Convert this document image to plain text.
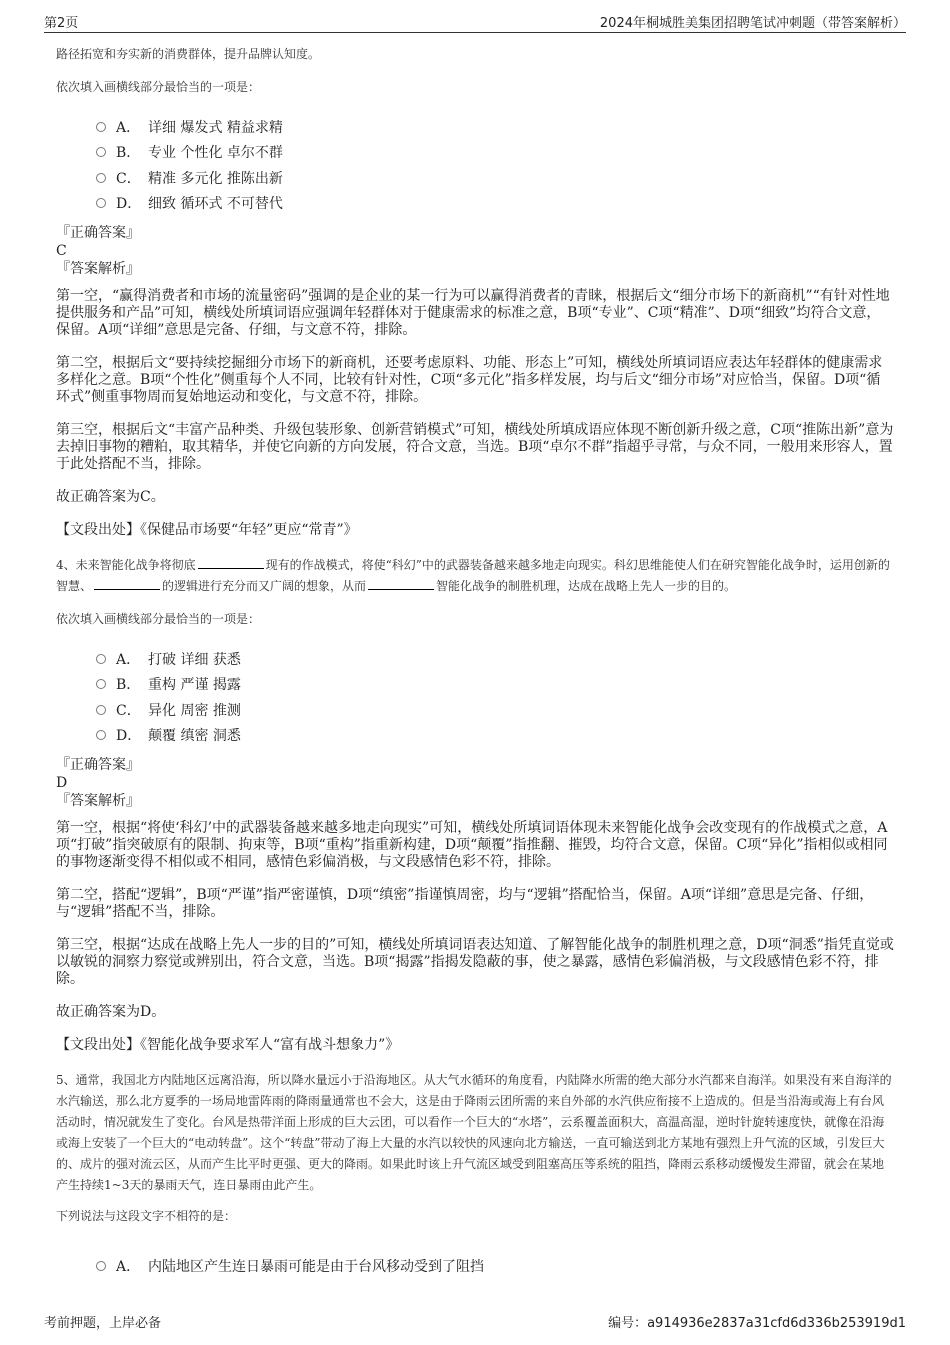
第2页	2024年桐城胜美集团招聘笔试冲刺题（带答案解析）
路径拓宽和夯实新的消费群体，提升品牌认知度。
依次填入画横线部分最恰当的一项是：
A． 详细 爆发式 精益求精
B． 专业 个性化 卓尔不群
C． 精准 多元化 推陈出新
D． 细致 循环式 不可替代
『正确答案』
C
『答案解析』
第一空，“赢得消费者和市场的流量密码”强调的是企业的某一行为可以赢得消费者的青睐，根据后文“细分市场下的新商机”“有针对性地提供服务和产品”可知，横线处所填词语应强调年轻群体对于健康需求的标准之意，B项“专业”、C项“精准”、D项“细致”均符合文意，保留。A项“详细”意思是完备、仔细，与文意不符，排除。
第二空，根据后文“要持续挖掘细分市场下的新商机，还要考虑原料、功能、形态上”可知，横线处所填词语应表达年轻群体的健康需求多样化之意。B项“个性化”侧重每个人不同，比较有针对性，C项“多元化”指多样发展，均与后文“细分市场”对应恰当，保留。D项“循环式”侧重事物周而复始地运动和变化，与文意不符，排除。
第三空，根据后文“丰富产品种类、升级包装形象、创新营销模式”可知，横线处所填成语应体现不断创新升级之意，C项“推陈出新”意为去掉旧事物的糟粕，取其精华，并使它向新的方向发展，符合文意，当选。B项“卓尔不群”指超乎寻常，与众不同，一般用来形容人，置于此处搭配不当，排除。
故正确答案为C。
【文段出处】《保健品市场要“年轻”更应“常青”》
4、未来智能化战争将彻底	现有的作战模式，将使“科幻”中的武器装备越来越多地走向现实。科幻思维能使人们在研究智能化战争时，运用创新的智慧、	的逻辑进行充分而又广阔的想象，从而	智能化战争的制胜机理，达成在战略上先人一步的目的。
依次填入画横线部分最恰当的一项是：
A． 打破 详细 获悉
B． 重构 严谨 揭露
C． 异化 周密 推测
D． 颠覆 缜密 洞悉
『正确答案』
D
『答案解析』
第一空，根据“将使‘科幻’中的武器装备越来越多地走向现实”可知，横线处所填词语体现未来智能化战争会改变现有的作战模式之意，A项“打破”指突破原有的限制、拘束等，B项“重构”指重新构建，D项“颠覆”指推翻、摧毁，均符合文意，保留。C项“异化”指相似或相同的事物逐渐变得不相似或不相同，感情色彩偏消极，与文段感情色彩不符，排除。
第二空，搭配“逻辑”，B项“严谨”指严密谨慎，D项“缜密”指谨慎周密，均与“逻辑”搭配恰当，保留。A项“详细”意思是完备、仔细，与“逻辑”搭配不当，排除。
第三空，根据“达成在战略上先人一步的目的”可知，横线处所填词语表达知道、了解智能化战争的制胜机理之意，D项“洞悉”指凭直觉或以敏锐的洞察力察觉或辨别出，符合文意，当选。B项“揭露”指揭发隐蔽的事，使之暴露，感情色彩偏消极，与文段感情色彩不符，排除。
故正确答案为D。
【文段出处】《智能化战争要求军人“富有战斗想象力”》
5、通常，我国北方内陆地区远离沿海，所以降水量远小于沿海地区。从大气水循环的角度看，内陆降水所需的绝大部分水汽都来自海洋。如果没有来自海洋的水汽输送，那么北方夏季的一场局地雷阵雨的降雨量通常也不会大，这是由于降雨云团所需的来自外部的水汽供应衔接不上造成的。但是当沿海或海上有台风活动时，情况就发生了变化。台风是热带洋面上形成的巨大云团，可以看作一个巨大的“水塔”，云系覆盖面积大，高温高湿，逆时针旋转速度快，就像在沿海或海上安装了一个巨大的“电动转盘”。这个“转盘”带动了海上大量的水汽以较快的风速向北方输送，一直可输送到北方某地有强烈上升气流的区域，引发巨大的、成片的强对流云区，从而产生比平时更强、更大的降雨。如果此时该上升气流区域受到阻塞高压等系统的阻挡，降雨云系移动缓慢发生滞留，就会在某地产生持续1~3天的暴雨天气，连日暴雨由此产生。
下列说法与这段文字不相符的是：
A． 内陆地区产生连日暴雨可能是由于台风移动受到了阻挡
考前押题，上岸必备	编号：a914936e2837a31cfd6d336b253919d1
